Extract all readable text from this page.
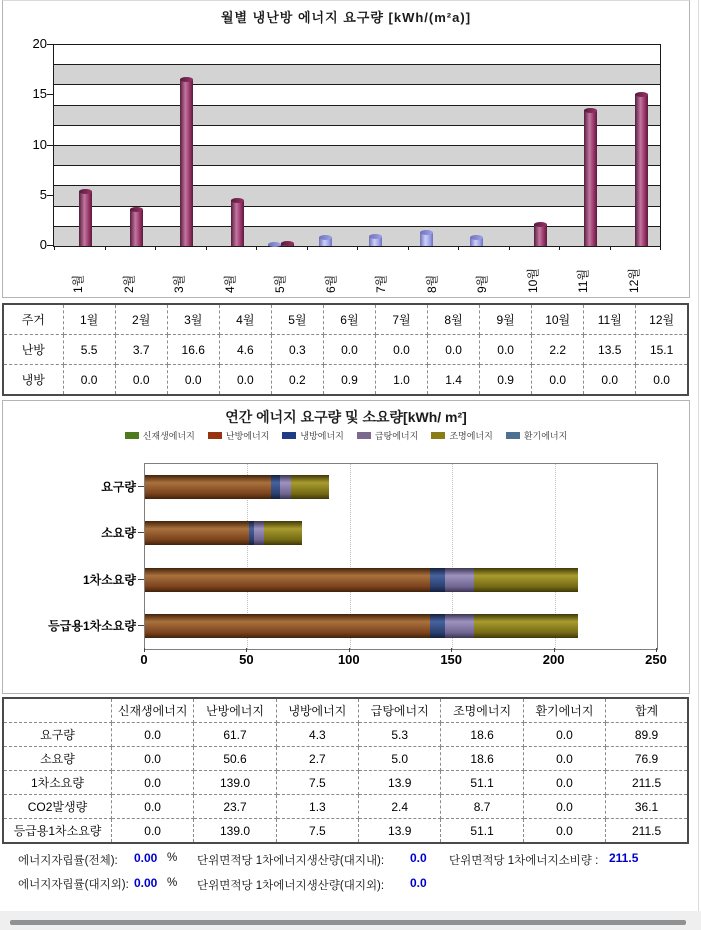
월별 냉난방 에너지 요구량 [kWh/(m²a)]
20
15
10
5
0
1월	2월	3월	4월	5월	6월	7월	8월	9월	10월	11월	12월
주거	1월	2월	3월	4월	5월	6월	7월	8월	9월	10월	11월	12월
난방	5.5	3.7	16.6	4.6	0.3	0.0	0.0	0.0	0.0	2.2	13.5	15.1
냉방	0.0	0.0	0.0	0.0	0.2	0.9	1.0	1.4	0.9	0.0	0.0	0.0
연간 에너지 요구량 및 소요량[kWh/ m²]
신재생에너지	난방에너지	냉방에너지	급탕에너지	조명에너지	환기에너지
요구량
소요량
1차소요량
등급용1차소요량
0	50	100	150	200	250
	신재생에너지	난방에너지	냉방에너지	급탕에너지	조명에너지	환기에너지	합계
요구량	0.0	61.7	4.3	5.3	18.6	0.0	89.9
소요량	0.0	50.6	2.7	5.0	18.6	0.0	76.9
1차소요량	0.0	139.0	7.5	13.9	51.1	0.0	211.5
CO2발생량	0.0	23.7	1.3	2.4	8.7	0.0	36.1
등급용1차소요량	0.0	139.0	7.5	13.9	51.1	0.0	211.5
에너지자립률(전체): 0.00 % 단위면적당 1차에너지생산량(대지내): 0.0 단위면적당 1차에너지소비량 : 211.5
에너지자립률(대지외): 0.00 % 단위면적당 1차에너지생산량(대지외): 0.0
